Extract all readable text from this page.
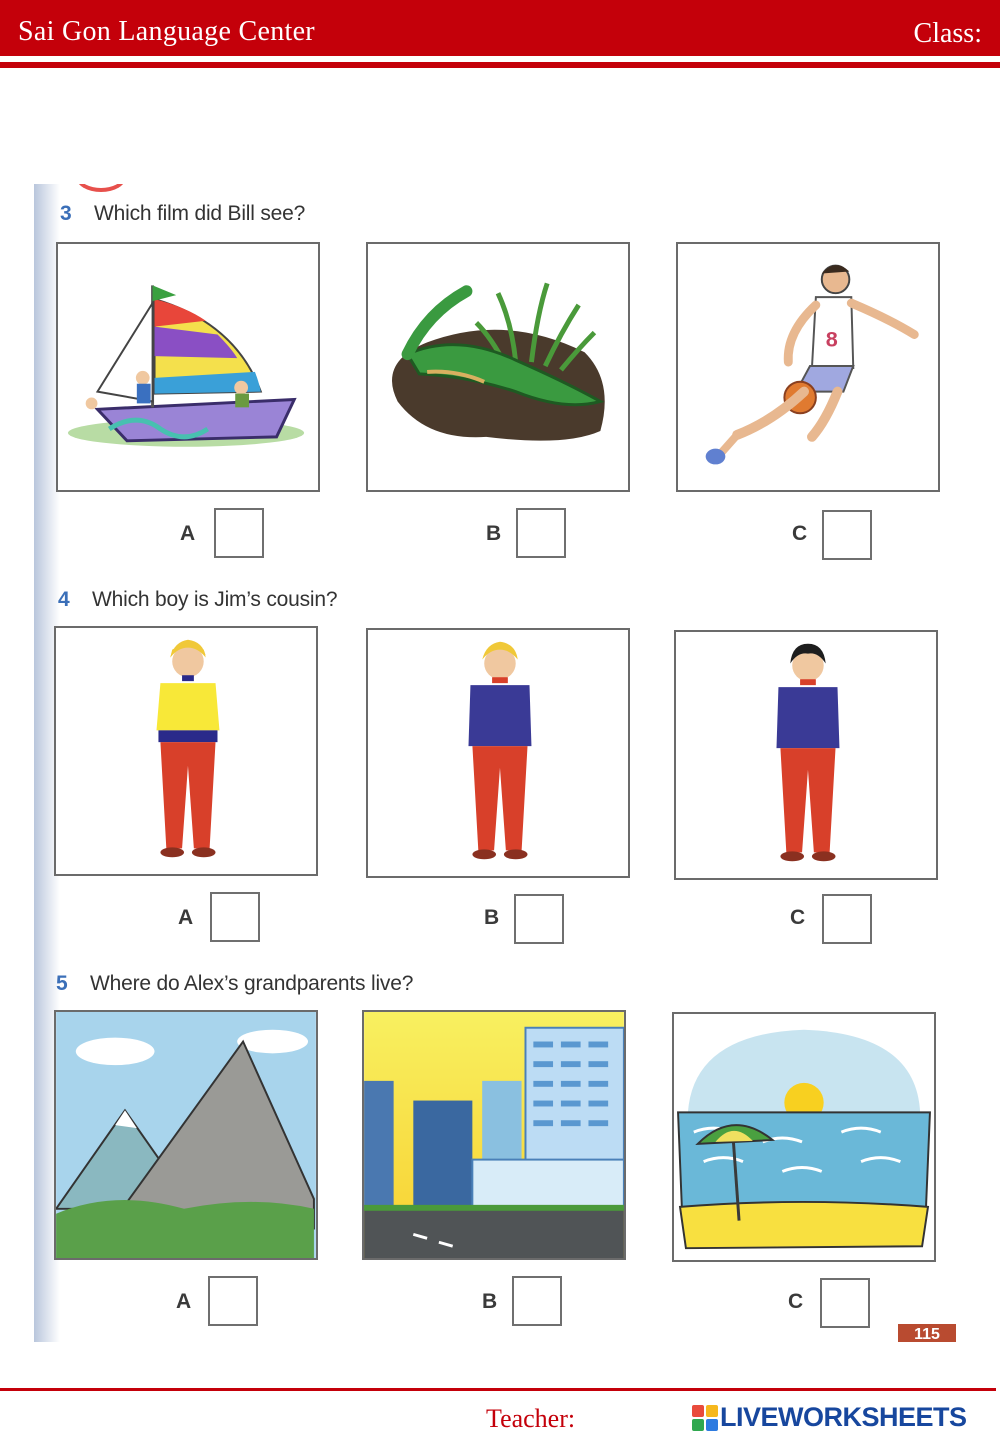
Sai Gon Language Center	Class:
3 Which film did Bill see?
8
A	B	C
4 Which boy is Jim’s cousin?
A	B	C
5 Where do Alex’s grandparents live?
A	B	C
115
Teacher:	LIVEWORKSHEETS
